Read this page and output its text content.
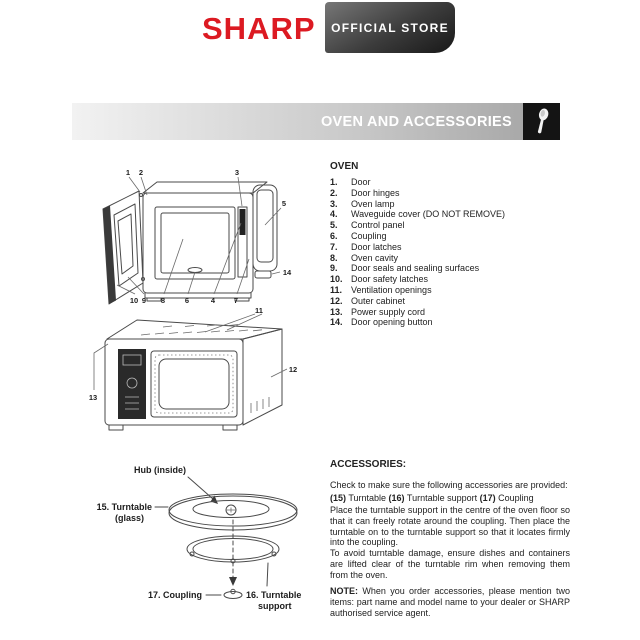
SHARP	OFFICIAL STORE
OVEN AND ACCESSORIES
1 2	3
5
14
10 9 8	6	4	7
11
12
13
OVEN
1.	Door
2.	Door hinges
3.	Oven lamp
4.	Waveguide cover (DO NOT REMOVE)
5.	Control panel
6.	Coupling
7.	Door latches
8.	Oven cavity
9.	Door seals and sealing surfaces
10. Door safety latches
11. Ventilation openings
12. Outer cabinet
13. Power supply cord
14. Door opening button
Hub (inside)
15. Turntable
(glass)
17. Coupling	16. Turntable
support

ACCESSORIES:

Check to make sure the following accessories are provided:

(15) Turntable (16) Turntable support (17) Coupling

Place the turntable support in the centre of the oven floor so that it can freely rotate around the coupling. Then place the turntable on to the turntable support so that it locates firmly into the coupling.

To avoid turntable damage, ensure dishes and containers are lifted clear of the turntable rim when removing them from the oven.

NOTE: When you order accessories, please mention two items: part name and model name to your dealer or SHARP authorised service agent.
